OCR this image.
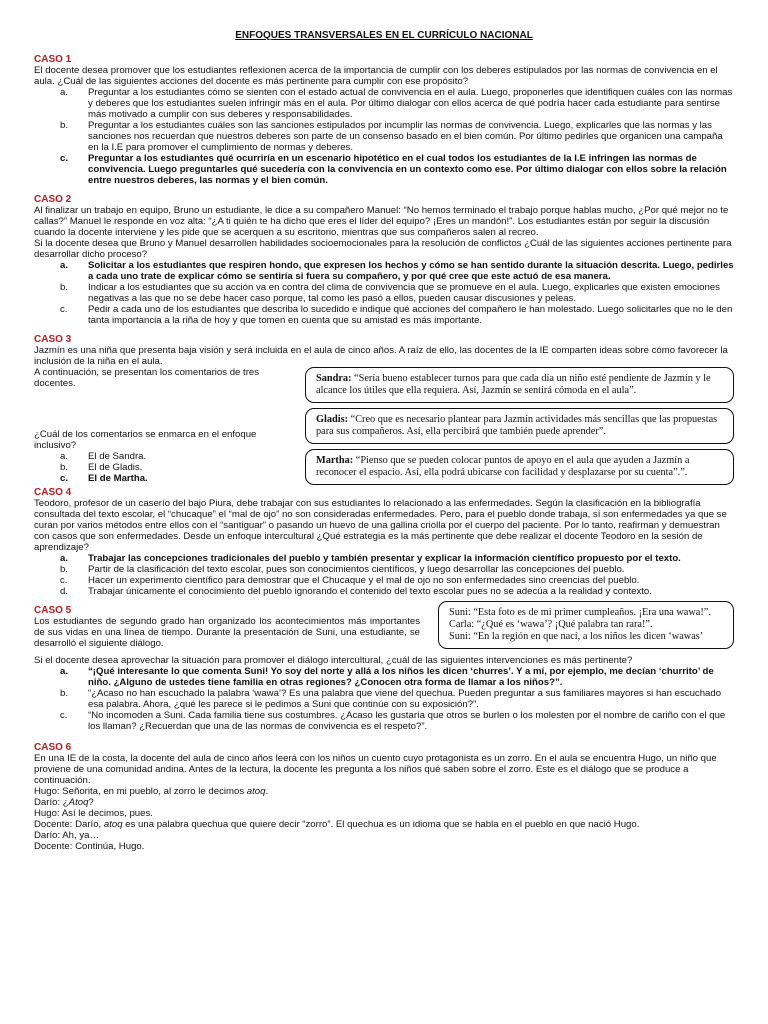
ENFOQUES TRANSVERSALES EN EL CURRÍCULO NACIONAL
CASO 1

El docente desea promover que los estudiantes reflexionen acerca de la importancia de cumplir con los deberes estipulados por las normas de convivencia en el aula. ¿Cuál de las siguientes acciones del docente es más pertinente para cumplir con ese propósito?

a.	Preguntar a los estudiantes cómo se sienten con el estado actual de convivencia en el aula. Luego, proponerles que identifiquen cuáles con las normas y deberes que los estudiantes suelen infringir más en el aula. Por último dialogar con ellos acerca de qué podría hacer cada estudiante para sentirse más motivado a cumplir con sus deberes y responsabilidades.
b.	Preguntar a los estudiantes cuáles son las sanciones estipulados por incumplir las normas de convivencia. Luego, explicarles que las normas y las sanciones nos recuerdan que nuestros deberes son parte de un consenso basado en el bien común. Por último pedirles que organicen una campaña en la I.E para promover el cumplimiento de normas y deberes.
c.	Preguntar a los estudiantes qué ocurriría en un escenario hipotético en el cual todos los estudiantes de la I.E infringen las normas de convivencia. Luego preguntarles qué sucedería con la convivencia en un contexto como ese. Por último dialogar con ellos sobre la relación entre nuestros deberes, las normas y el bien común.
CASO 2

Al finalizar un trabajo en equipo, Bruno un estudiante, le dice a su compañero Manuel: “No hemos terminado el trabajo porque hablas mucho, ¿Por qué mejor no te callas?” Manuel le responde en voz alta: “¿A ti quién te ha dicho que eres el líder del equipo? ¡Eres un mandón!”. Los estudiantes están por seguir la discusión cuando la docente interviene y les pide que se acerquen a su escritorio, mientras que sus compañeros salen al recreo.

Si la docente desea que Bruno y Manuel desarrollen habilidades socioemocionales para la resolución de conflictos ¿Cuál de las siguientes acciones pertinente para desarrollar dicho proceso?

a.	Solicitar a los estudiantes que respiren hondo, que expresen los hechos y cómo se han sentido durante la situación descrita. Luego, pedirles a cada uno trate de explicar cómo se sentiría si fuera su compañero, y por qué cree que este actuó de esa manera.
b.	Indicar a los estudiantes que su acción va en contra del clima de convivencia que se promueve en el aula. Luego, explicarles que existen emociones negativas a las que no se debe hacer caso porque, tal como les pasó a ellos, pueden causar discusiones y peleas.
c.	Pedir a cada uno de los estudiantes que describa lo sucedido e indique qué acciones del compañero le han molestado. Luego solicitarles que no le den tanta importancia a la riña de hoy y que tomen en cuenta que su amistad es más importante.
CASO 3

Jazmín es una niña que presenta baja visión y será incluida en el aula de cinco años. A raíz de ello, las docentes de la IE comparten ideas sobre cómo favorecer la inclusión de la niña en el aula.

A continuación, se presentan los comentarios de tres docentes.

¿Cuál de los comentarios se enmarca en el enfoque inclusivo?

a.	El de Sandra.
b.	El de Gladis.
c.	El de Martha.
Sandra: “Sería bueno establecer turnos para que cada día un niño esté pendiente de Jazmín y le alcance los útiles que ella requiera. Así, Jazmín se sentirá cómoda en el aula”.
Gladis: “Creo que es necesario plantear para Jazmín actividades más sencillas que las propuestas para sus compañeros. Así, ella percibirá que también puede aprender”.
Martha: “Pienso que se pueden colocar puntos de apoyo en el aula que ayuden a Jazmín a reconocer el espacio. Así, ella podrá ubicarse con facilidad y desplazarse por su cuenta”.”.
CASO 4

Teodoro, profesor de un caserío del bajo Piura, debe trabajar con sus estudiantes lo relacionado a las enfermedades. Según la clasificación en la bibliografía consultada del texto escolar, el “chucaque” el “mal de ojo” no son consideradas enfermedades. Pero, para el pueblo donde trabaja, sí son enfermedades ya que se curan por varios métodos entre ellos con el “santiguar” o pasando un huevo de una gallina criolla por el cuerpo del paciente. Por lo tanto, reafirman y demuestran con casos que son enfermedades. Desde un enfoque intercultural ¿Qué estrategia es la más pertinente que debe realizar el docente Teodoro en la sesión de aprendizaje?

a.	Trabajar las concepciones tradicionales del pueblo y también presentar y explicar la información científico propuesto por el texto.
b.	Partir de la clasificación del texto escolar, pues son conocimientos científicos, y luego desarrollar las concepciones del pueblo.
c.	Hacer un experimento científico para demostrar que el Chucaque y el mal de ojo no son enfermedades sino creencias del pueblo.
d.	Trabajar únicamente el conocimiento del pueblo ignorando el contenido del texto escolar pues no se adecúa a la realidad y contexto.
CASO 5

Los estudiantes de segundo grado han organizado los acontecimientos más importantes de sus vidas en una línea de tiempo. Durante la presentación de Suni, una estudiante, se desarrolló el siguiente diálogo.

Suni: “Esta foto es de mi primer cumpleaños. ¡Era una wawa!”.
Carla: “¿Qué es ‘wawa’? ¡Qué palabra tan rara!”.
Suni: “En la región en que nací, a los niños les dicen ‘wawas’

Si el docente desea aprovechar la situación para promover el diálogo intercultural, ¿cuál de las siguientes intervenciones es más pertinente?

a.	“¡Qué interesante lo que comenta Suni! Yo soy del norte y allá a los niños les dicen ‘churres’. Y a mí, por ejemplo, me decían ‘churrito’ de niño. ¿Alguno de ustedes tiene familia en otras regiones? ¿Conocen otra forma de llamar a los niños?”.
b.	“¿Acaso no han escuchado la palabra ‘wawa’? Es una palabra que viene del quechua. Pueden preguntar a sus familiares mayores si han escuchado esa palabra. Ahora, ¿qué les parece si le pedimos a Suni que continúe con su exposición?”.
c.	“No incomoden a Suni. Cada familia tiene sus costumbres. ¿Acaso les gustaría que otros se burlen o los molesten por el nombre de cariño con el que los llaman? ¿Recuerdan que una de las normas de convivencia es el respeto?”.
CASO 6

En una IE de la costa, la docente del aula de cinco años leerá con los niños un cuento cuyo protagonista es un zorro. En el aula se encuentra Hugo, un niño que proviene de una comunidad andina. Antes de la lectura, la docente les pregunta a los niños qué saben sobre el zorro. Este es el diálogo que se produce a continuación.

Hugo: Señorita, en mi pueblo, al zorro le decimos atoq.
Darío: ¿Atoq?
Hugo: Así le decimos, pues.
Docente: Darío, atoq es una palabra quechua que quiere decir “zorro”. El quechua es un idioma que se habla en el pueblo en que nació Hugo.
Darío: Ah, ya…
Docente: Continúa, Hugo.
